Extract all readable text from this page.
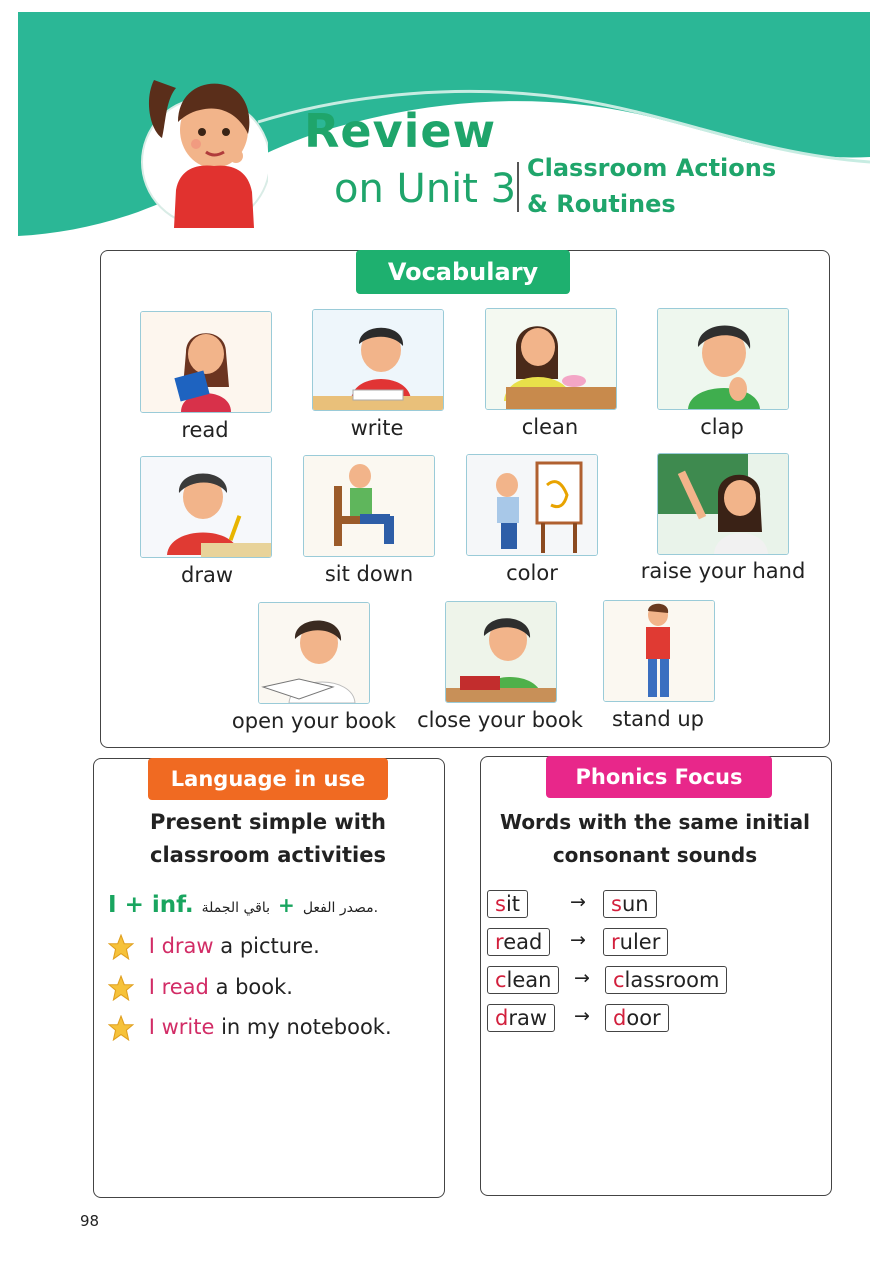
Review
on Unit 3 Classroom Actions
& Routines
Vocabulary
read	write	clean	clap
draw	sit down	color	raise your hand
open your book close your book	stand up
Language in use
Present simple with
classroom activities
I + inf.	مصدر الفعل + باقي الجملة.
I draw a picture.
I read a book.
I write in my notebook.
Phonics Focus
Words with the same initial
consonant sounds
sit	→	sun
read	→	ruler
clean	→	classroom
draw	→	door
98
